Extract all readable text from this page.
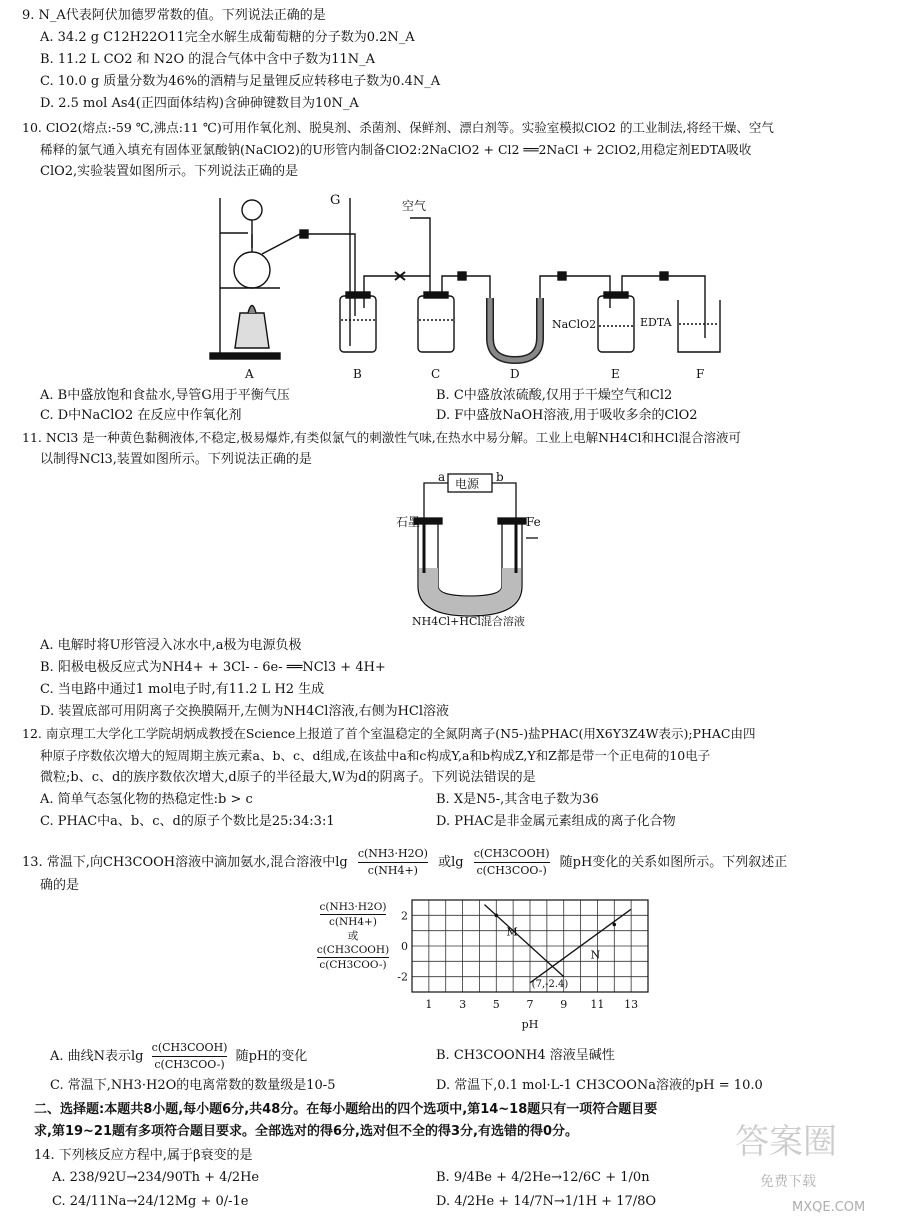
9. N_A代表阿伏加德罗常数的值。下列说法正确的是
A. 34.2 g C12H22O11完全水解生成葡萄糖的分子数为0.2N_A
B. 11.2 L CO2 和 N2O 的混合气体中含中子数为11N_A
C. 10.0 g 质量分数为46%的酒精与足量锂反应转移电子数为0.4N_A
D. 2.5 mol As4(正四面体结构)含砷砷键数目为10N_A
10. ClO2(熔点:-59 ℃,沸点:11 ℃)可用作氧化剂、脱臭剂、杀菌剂、保鲜剂、漂白剂等。实验室模拟ClO2 的工业制法,将经干燥、空气
稀释的氯气通入填充有固体亚氯酸钠(NaClO2)的U形管内制备ClO2:2NaClO2 + Cl2 ══2NaCl + 2ClO2,用稳定剂EDTA吸收
ClO2,实验装置如图所示。下列说法正确的是
G	空气
NaClO2	EDTA
A	B	C	D	E	F
A. B中盛放饱和食盐水,导管G用于平衡气压	B. C中盛放浓硫酸,仅用于干燥空气和Cl2
C. D中NaClO2 在反应中作氧化剂	D. F中盛放NaOH溶液,用于吸收多余的ClO2
11. NCl3 是一种黄色黏稠液体,不稳定,极易爆炸,有类似氯气的刺激性气味,在热水中易分解。工业上电解NH4Cl和HCl混合溶液可
以制得NCl3,装置如图所示。下列说法正确的是
a	b
电源
石墨	Fe
NH4Cl+HCl混合溶液
A. 电解时将U形管浸入冰水中,a极为电源负极
B. 阳极电极反应式为NH4+ + 3Cl- - 6e- ══NCl3 + 4H+
C. 当电路中通过1 mol电子时,有11.2 L H2 生成
D. 装置底部可用阴离子交换膜隔开,左侧为NH4Cl溶液,右侧为HCl溶液
12. 南京理工大学化工学院胡炳成教授在Science上报道了首个室温稳定的全氮阴离子(N5-)盐PHAC(用X6Y3Z4W表示);PHAC由四
种原子序数依次增大的短周期主族元素a、b、c、d组成,在该盐中a和c构成Y,a和b构成Z,Y和Z都是带一个正电荷的10电子
微粒;b、c、d的族序数依次增大,d原子的半径最大,W为d的阴离子。下列说法错误的是
A. 简单气态氢化物的热稳定性:b > c	B. X是N5-,其含电子数为36
C. PHAC中a、b、c、d的原子个数比是25:34:3:1	D. PHAC是非金属元素组成的离子化合物
13. 常温下,向CH3COOH溶液中滴加氨水,混合溶液中$\lg \frac{c(NH3\cdot H2O)}{c(NH4+)}$ 或lg
c(CH3COOH)
c(CH3COO-)
随pH变化的关系如图所示。下列叙述正
确的是
$\frac{c(NH3\cdot H2O)}{c(NH4+)}$
或
c(CH3COOH)
c(CH3COO-)
1 3 5 7 9 11 13
2
0
-2
pH
M
N
(7,-2.4)
A. 曲线N表示lg
c(CH3COOH)
c(CH3COO-)
随pH的变化	B. CH3COONH4 溶液呈碱性
C. 常温下,NH3·H2O的电离常数的数量级是10-5	D. 常温下,0.1 mol·L-1 CH3COONa溶液的pH = 10.0
二、选择题:本题共8小题,每小题6分,共48分。在每小题给出的四个选项中,第14~18题只有一项符合题目要
求,第19~21题有多项符合题目要求。全部选对的得6分,选对但不全的得3分,有选错的得0分。
14. 下列核反应方程中,属于β衰变的是
A. 238/92U→234/90Th + 4/2He	B. 9/4Be + 4/2He→12/6C + 1/0n
C. 24/11Na→24/12Mg + 0/-1e	D. 4/2He + 14/7N→1/1H + 17/8O
答案圈
免费下载
MXQE.COM
